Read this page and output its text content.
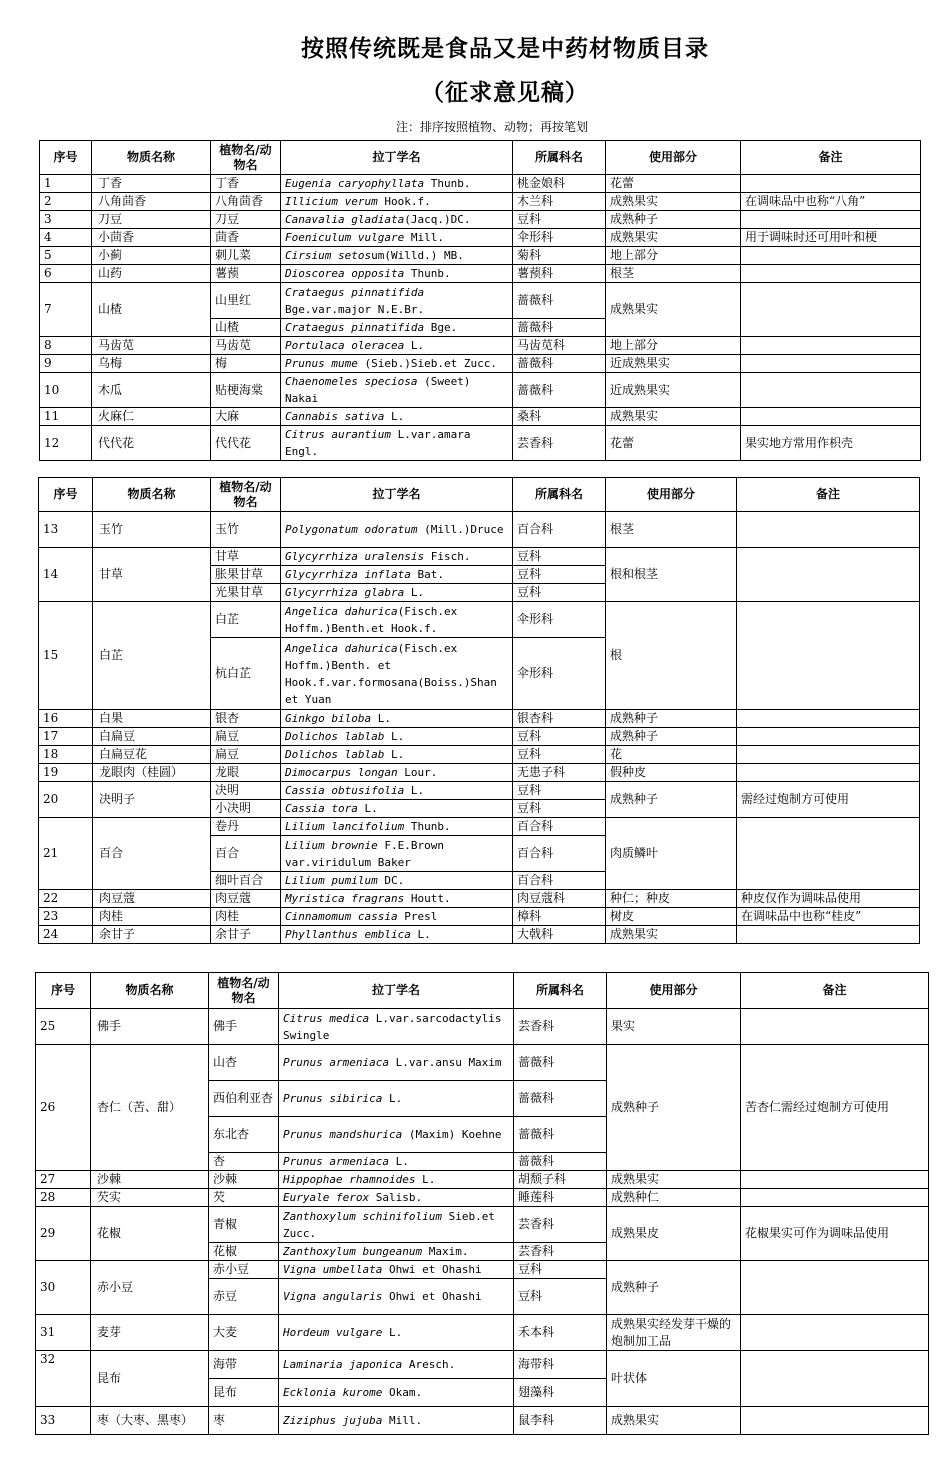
按照传统既是食品又是中药材物质目录
（征求意见稿）
注：排序按照植物、动物；再按笔划
序号	物质名称	植物名/动物名	拉丁学名	所属科名	使用部分	备注
1	丁香	丁香	Eugenia caryophyllata Thunb.	桃金娘科	花蕾	
2	八角茴香	八角茴香	Illicium verum Hook.f.	木兰科	成熟果实	在调味品中也称“八角”
3	刀豆	刀豆	Canavalia gladiata(Jacq.)DC.	豆科	成熟种子	
4	小茴香	茴香	Foeniculum vulgare Mill.	伞形科	成熟果实	用于调味时还可用叶和梗
5	小蓟	刺儿菜	Cirsium setosum(Willd.) MB.	菊科	地上部分	
6	山药	薯蓣	Dioscorea opposita Thunb.	薯蓣科	根茎	
7	山楂	山里红	Crataegus pinnatifida Bge.var.major N.E.Br.	蔷薇科	成熟果实	
		山楂	Crataegus pinnatifida Bge.	蔷薇科		
8	马齿苋	马齿苋	Portulaca oleracea L.	马齿苋科	地上部分	
9	乌梅	梅	Prunus mume (Sieb.)Sieb.et Zucc.	蔷薇科	近成熟果实	
10	木瓜	贴梗海棠	Chaenomeles speciosa (Sweet) Nakai	蔷薇科	近成熟果实	
11	火麻仁	大麻	Cannabis sativa L.	桑科	成熟果实	
12	代代花	代代花	Citrus aurantium L.var.amara Engl.	芸香科	花蕾	果实地方常用作枳壳
序号	物质名称	植物名/动物名	拉丁学名	所属科名	使用部分	备注
13	玉竹	玉竹	Polygonatum odoratum (Mill.)Druce	百合科	根茎	
14	甘草	甘草	Glycyrrhiza uralensis Fisch.	豆科	根和根茎	
		胀果甘草	Glycyrrhiza inflata Bat.	豆科		
		光果甘草	Glycyrrhiza glabra L.	豆科		
15	白芷	白芷	Angelica dahurica(Fisch.ex Hoffm.)Benth.et Hook.f.	伞形科	根	
		杭白芷	Angelica dahurica(Fisch.ex Hoffm.)Benth. et Hook.f.var.formosana(Boiss.)Shan et Yuan	伞形科		
16	白果	银杏	Ginkgo biloba L.	银杏科	成熟种子	
17	白扁豆	扁豆	Dolichos lablab L.	豆科	成熟种子	
18	白扁豆花	扁豆	Dolichos lablab L.	豆科	花	
19	龙眼肉（桂圆）	龙眼	Dimocarpus longan Lour.	无患子科	假种皮	
20	决明子	决明	Cassia obtusifolia L.	豆科	成熟种子	需经过炮制方可使用
		小决明	Cassia tora L.	豆科		
21	百合	卷丹	Lilium lancifolium Thunb.	百合科	肉质鳞叶	
		百合	Lilium brownie F.E.Brown var.viridulum Baker	百合科		
		细叶百合	Lilium pumilum DC.	百合科		
22	肉豆蔻	肉豆蔻	Myristica fragrans Houtt.	肉豆蔻科	种仁；种皮	种皮仅作为调味品使用
23	肉桂	肉桂	Cinnamomum cassia Presl	樟科	树皮	在调味品中也称“桂皮”
24	余甘子	余甘子	Phyllanthus emblica L.	大戟科	成熟果实	
序号	物质名称	植物名/动物名	拉丁学名	所属科名	使用部分	备注
25	佛手	佛手	Citrus medica L.var.sarcodactylis Swingle	芸香科	果实	
26	杏仁（苦、甜）	山杏	Prunus armeniaca L.var.ansu Maxim	蔷薇科	成熟种子	苦杏仁需经过炮制方可使用
		西伯利亚杏	Prunus sibirica L.	蔷薇科		
		东北杏	Prunus mandshurica (Maxim) Koehne	蔷薇科		
		杏	Prunus armeniaca L.	蔷薇科		
27	沙棘	沙棘	Hippophae rhamnoides L.	胡颓子科	成熟果实	
28	芡实	芡	Euryale ferox Salisb.	睡莲科	成熟种仁	
29	花椒	青椒	Zanthoxylum schinifolium Sieb.et Zucc.	芸香科	成熟果皮	花椒果实可作为调味品使用
		花椒	Zanthoxylum bungeanum Maxim.	芸香科		
30	赤小豆	赤小豆	Vigna umbellata Ohwi et Ohashi	豆科	成熟种子	
		赤豆	Vigna angularis Ohwi et Ohashi	豆科		
31	麦芽	大麦	Hordeum vulgare L.	禾本科	成熟果实经发芽干燥的炮制加工品	
32	昆布	海带	Laminaria japonica Aresch.	海带科	叶状体	
		昆布	Ecklonia kurome Okam.	翅藻科		
33	枣（大枣、黑枣）	枣	Ziziphus jujuba Mill.	鼠李科	成熟果实	
